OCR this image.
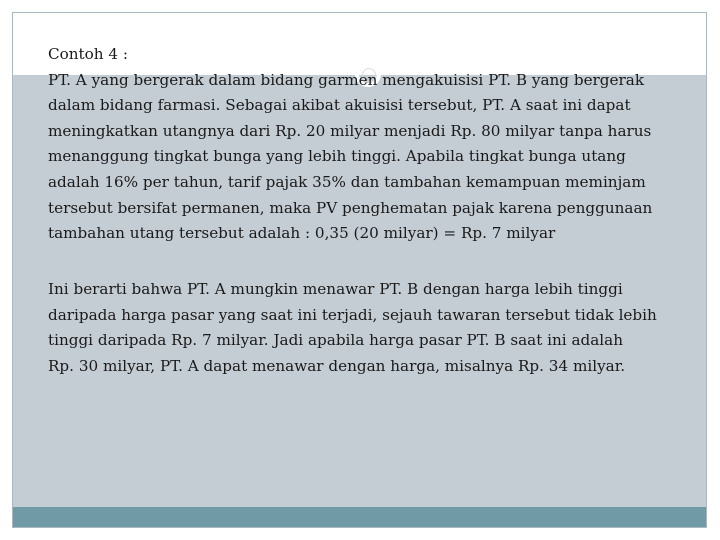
Contoh 4 :
PT. A yang bergerak dalam bidang garmen mengakuisisi PT. B yang bergerak
dalam bidang farmasi. Sebagai akibat akuisisi tersebut, PT. A saat ini dapat
meningkatkan utangnya dari Rp. 20 milyar menjadi Rp. 80 milyar tanpa harus
menanggung tingkat bunga yang lebih tinggi. Apabila tingkat bunga utang
adalah 16% per tahun, tarif pajak 35% dan tambahan kemampuan meminjam
tersebut bersifat permanen, maka PV penghematan pajak karena penggunaan
tambahan utang tersebut adalah : 0,35 (20 milyar) = Rp. 7 milyar
Ini berarti bahwa PT. A mungkin menawar PT. B dengan harga lebih tinggi
daripada harga pasar yang saat ini terjadi, sejauh tawaran tersebut tidak lebih
tinggi daripada Rp. 7 milyar. Jadi apabila harga pasar PT. B saat ini adalah
Rp. 30 milyar, PT. A dapat menawar dengan harga, misalnya Rp. 34 milyar.
